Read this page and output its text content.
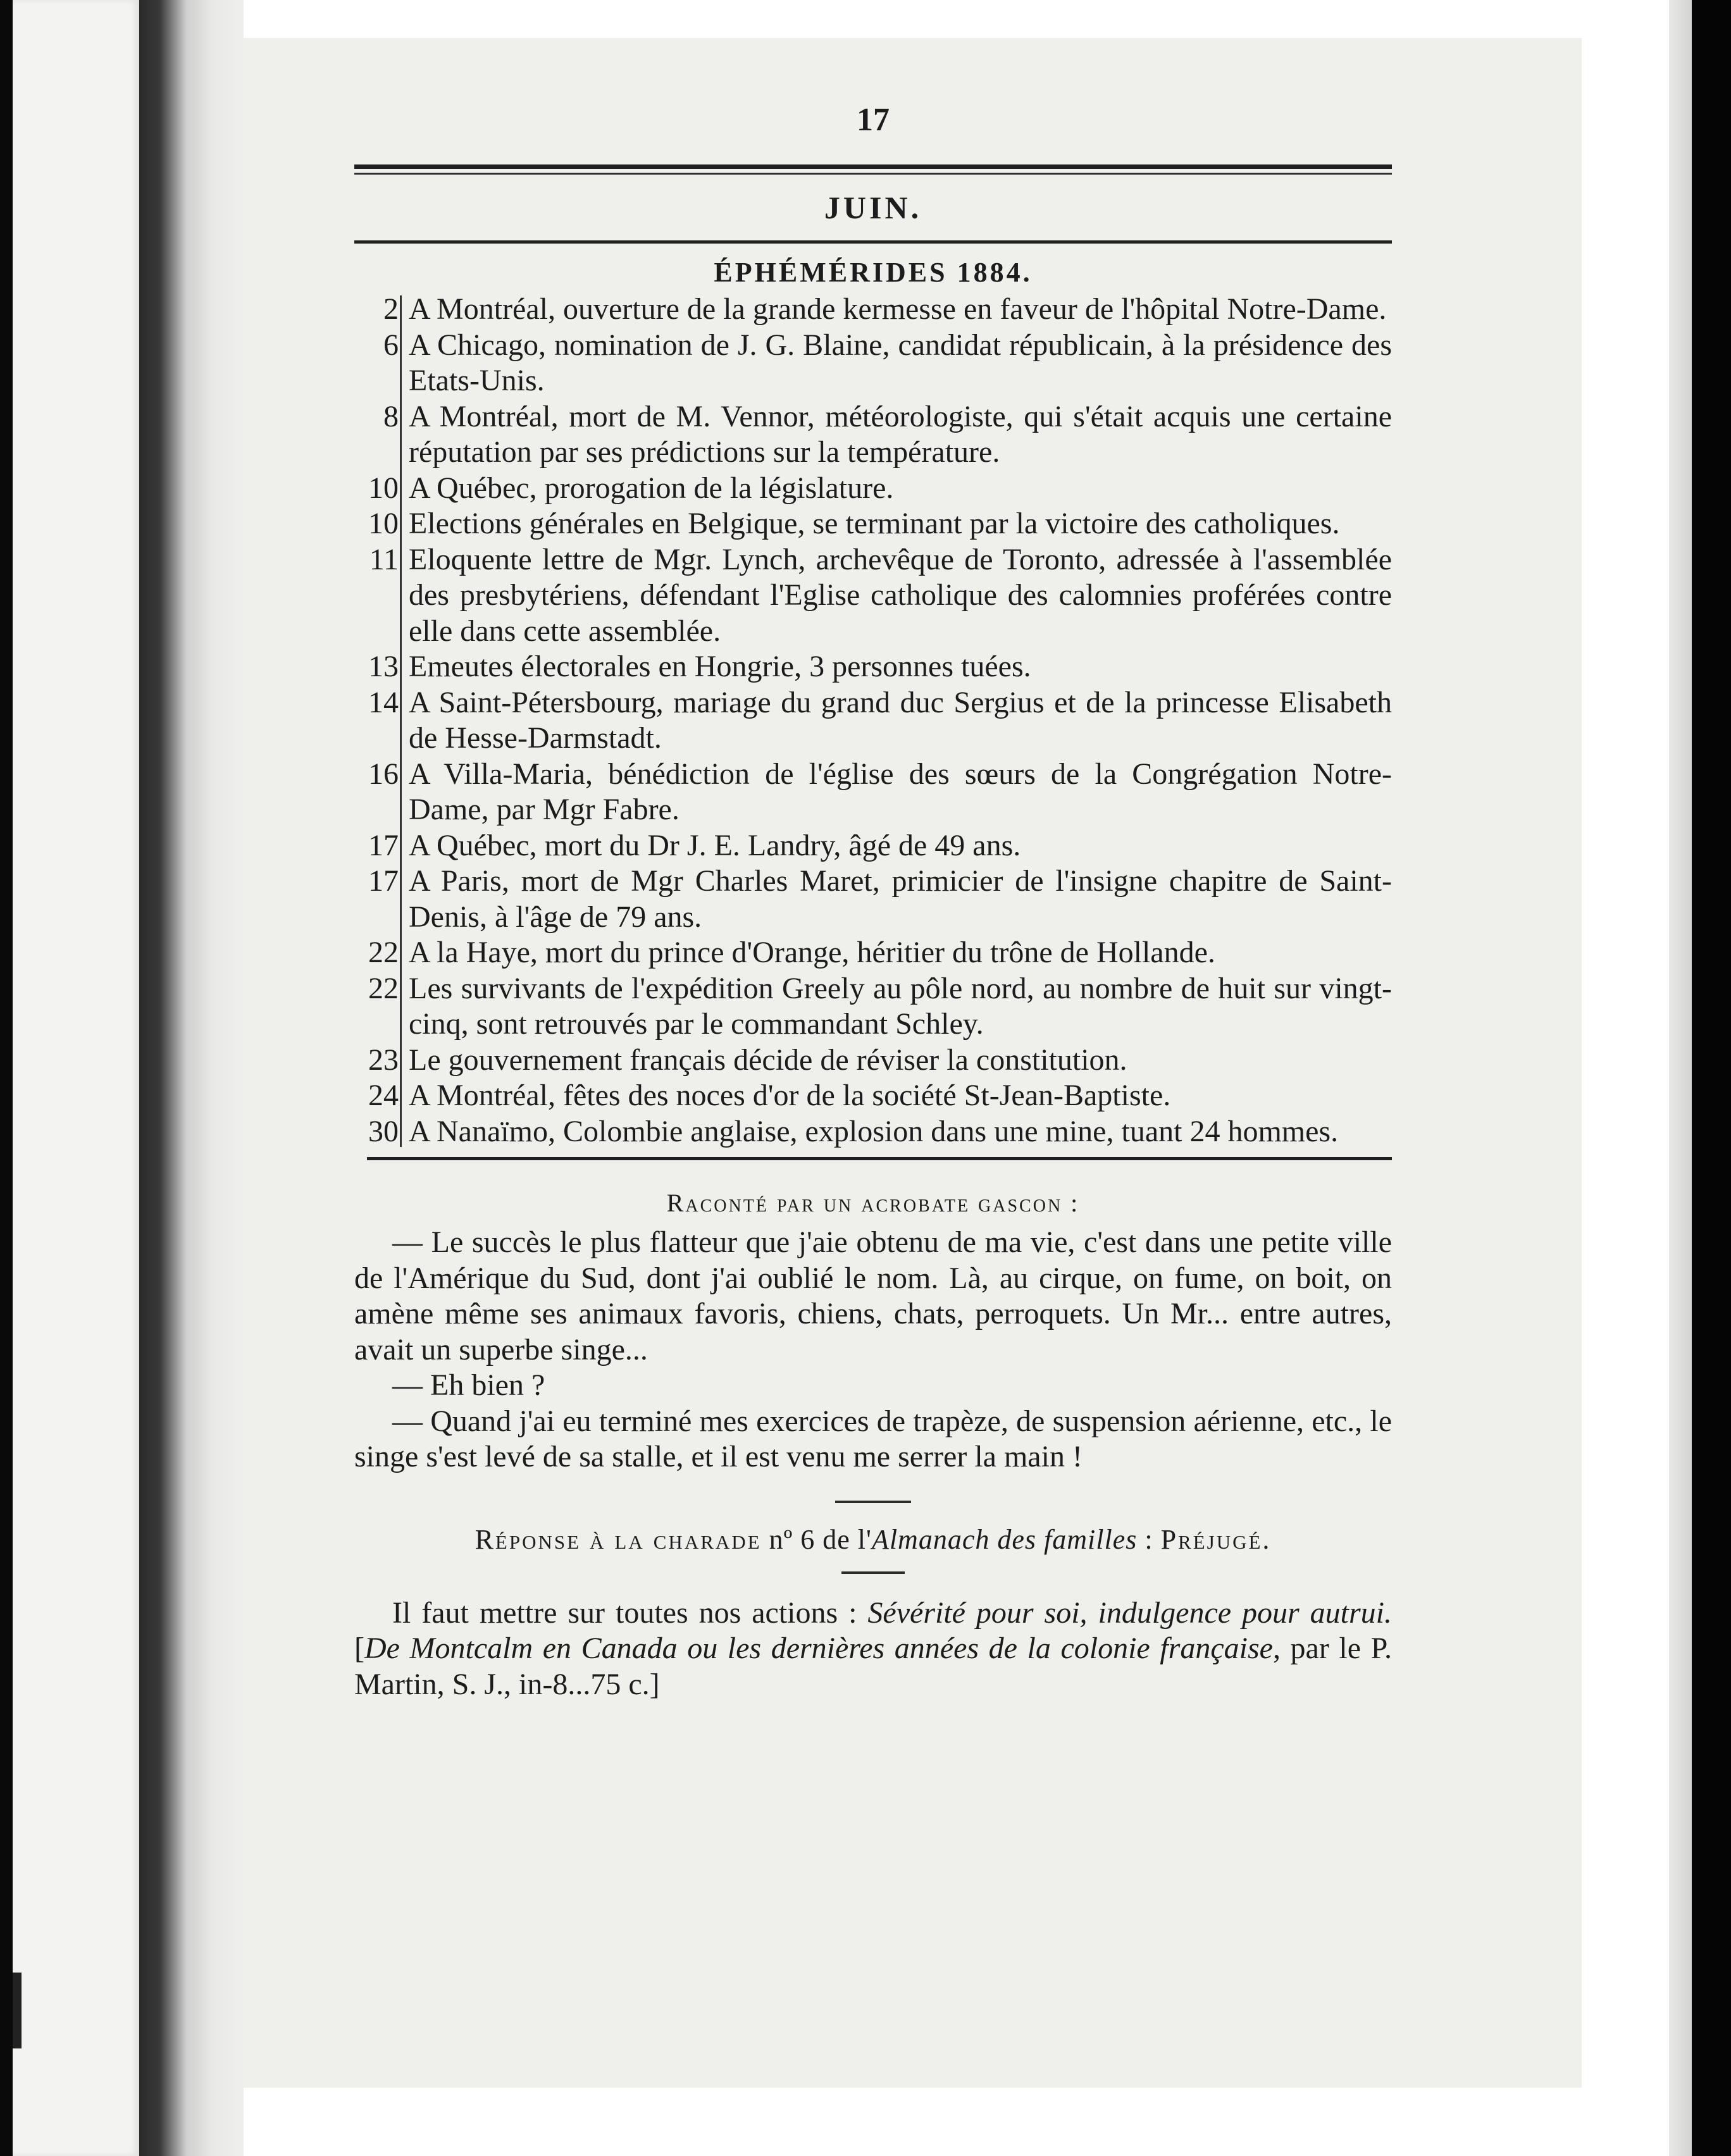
17
JUIN.
ÉPHÉMÉRIDES 1884.
2 A Montréal, ouverture de la grande kermesse en faveur de l'hôpital Notre-Dame.
6 A Chicago, nomination de J. G. Blaine, candidat républicain, à la présidence des Etats-Unis.
8 A Montréal, mort de M. Vennor, météorologiste, qui s'était acquis une certaine réputation par ses prédictions sur la température.
10 A Québec, prorogation de la législature.
10 Elections générales en Belgique, se terminant par la victoire des catholiques.
11 Eloquente lettre de Mgr. Lynch, archevêque de Toronto, adressée à l'assemblée des presbytériens, défendant l'Eglise catholique des calomnies proférées contre elle dans cette assemblée.
13 Emeutes électorales en Hongrie, 3 personnes tuées.
14 A Saint-Pétersbourg, mariage du grand duc Sergius et de la princesse Elisabeth de Hesse-Darmstadt.
16 A Villa-Maria, bénédiction de l'église des sœurs de la Congrégation Notre-Dame, par Mgr Fabre.
17 A Québec, mort du Dr J. E. Landry, âgé de 49 ans.
17 A Paris, mort de Mgr Charles Maret, primicier de l'insigne chapitre de Saint-Denis, à l'âge de 79 ans.
22 A la Haye, mort du prince d'Orange, héritier du trône de Hollande.
22 Les survivants de l'expédition Greely au pôle nord, au nombre de huit sur vingt-cinq, sont retrouvés par le commandant Schley.
23 Le gouvernement français décide de réviser la constitution.
24 A Montréal, fêtes des noces d'or de la société St-Jean-Baptiste.
30 A Nanaïmo, Colombie anglaise, explosion dans une mine, tuant 24 hommes.
Raconté par un acrobate gascon :

— Le succès le plus flatteur que j'aie obtenu de ma vie, c'est dans une petite ville de l'Amérique du Sud, dont j'ai oublié le nom. Là, au cirque, on fume, on boit, on amène même ses animaux favoris, chiens, chats, perroquets. Un Mr... entre autres, avait un superbe singe...

— Eh bien ?

— Quand j'ai eu terminé mes exercices de trapèze, de suspension aérienne, etc., le singe s'est levé de sa stalle, et il est venu me serrer la main !

Réponse à la charade nº 6 de l'Almanach des familles : Préjugé.

Il faut mettre sur toutes nos actions : Sévérité pour soi, indulgence pour autrui. [De Montcalm en Canada ou les dernières années de la colonie française, par le P. Martin, S. J., in-8...75 c.]
